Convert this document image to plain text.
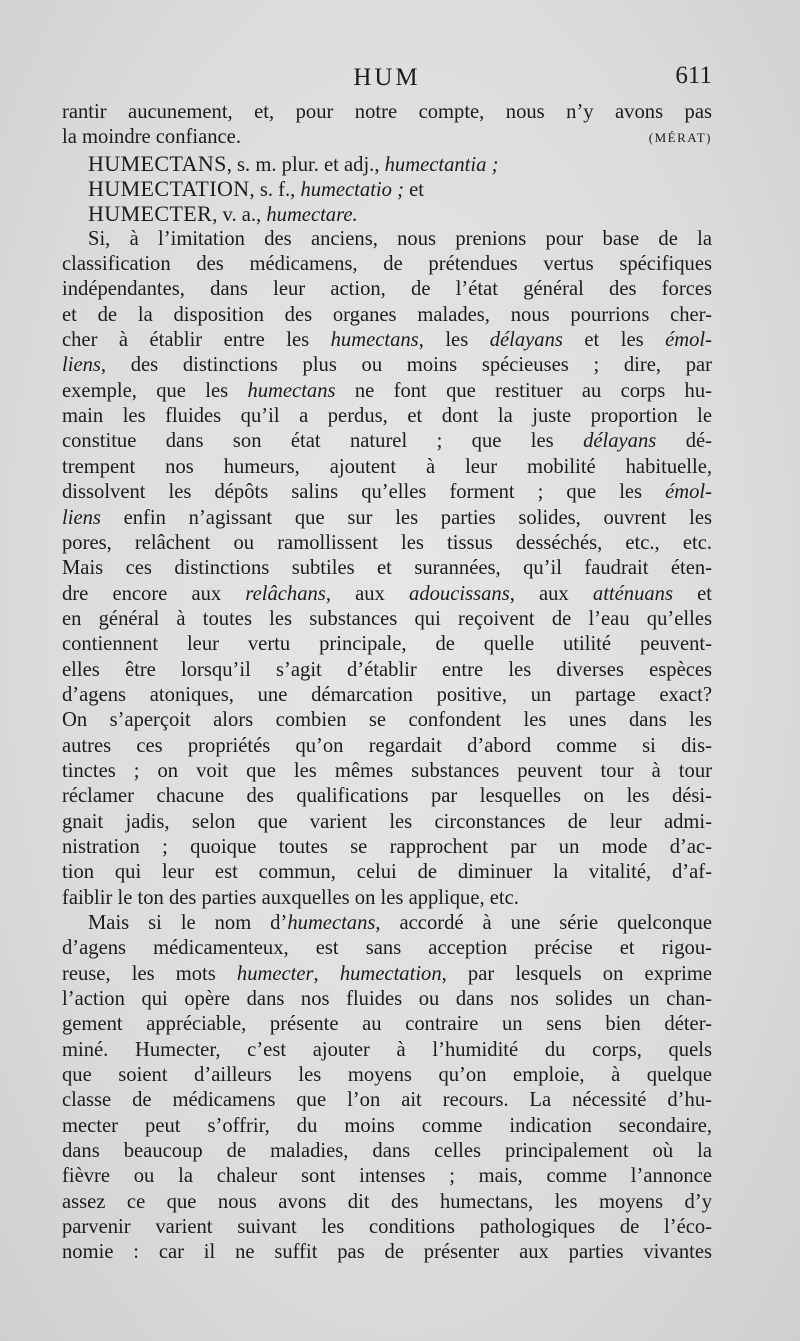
HUM	611
rantir aucunement, et, pour notre compte, nous n’y avons pas
la moindre confiance.	(MÉRAT)
HUMECTANS, s. m. plur. et adj., humectantia ;
HUMECTATION, s. f., humectatio ; et
HUMECTER, v. a., humectare.
Si, à l’imitation des anciens, nous prenions pour base de la
classification des médicamens, de prétendues vertus spécifiques
indépendantes, dans leur action, de l’état général des forces
et de la disposition des organes malades, nous pourrions cher-
cher à établir entre les humectans, les délayans et les émol-
liens, des distinctions plus ou moins spécieuses ; dire, par
exemple, que les humectans ne font que restituer au corps hu-
main les fluides qu’il a perdus, et dont la juste proportion le
constitue dans son état naturel ; que les délayans dé-
trempent nos humeurs, ajoutent à leur mobilité habituelle,
dissolvent les dépôts salins qu’elles forment ; que les émol-
liens enfin n’agissant que sur les parties solides, ouvrent les
pores, relâchent ou ramollissent les tissus desséchés, etc., etc.
Mais ces distinctions subtiles et surannées, qu’il faudrait éten-
dre encore aux relâchans, aux adoucissans, aux atténuans et
en général à toutes les substances qui reçoivent de l’eau qu’elles
contiennent leur vertu principale, de quelle utilité peuvent-
elles être lorsqu’il s’agit d’établir entre les diverses espèces
d’agens atoniques, une démarcation positive, un partage exact?
On s’aperçoit alors combien se confondent les unes dans les
autres ces propriétés qu’on regardait d’abord comme si dis-
tinctes ; on voit que les mêmes substances peuvent tour à tour
réclamer chacune des qualifications par lesquelles on les dési-
gnait jadis, selon que varient les circonstances de leur admi-
nistration ; quoique toutes se rapprochent par un mode d’ac-
tion qui leur est commun, celui de diminuer la vitalité, d’af-
faiblir le ton des parties auxquelles on les applique, etc.
Mais si le nom d’humectans, accordé à une série quelconque
d’agens médicamenteux, est sans acception précise et rigou-
reuse, les mots humecter, humectation, par lesquels on exprime
l’action qui opère dans nos fluides ou dans nos solides un chan-
gement appréciable, présente au contraire un sens bien déter-
miné. Humecter, c’est ajouter à l’humidité du corps, quels
que soient d’ailleurs les moyens qu’on emploie, à quelque
classe de médicamens que l’on ait recours. La nécessité d’hu-
mecter peut s’offrir, du moins comme indication secondaire,
dans beaucoup de maladies, dans celles principalement où la
fièvre ou la chaleur sont intenses ; mais, comme l’annonce
assez ce que nous avons dit des humectans, les moyens d’y
parvenir varient suivant les conditions pathologiques de l’éco-
nomie : car il ne suffit pas de présenter aux parties vivantes
